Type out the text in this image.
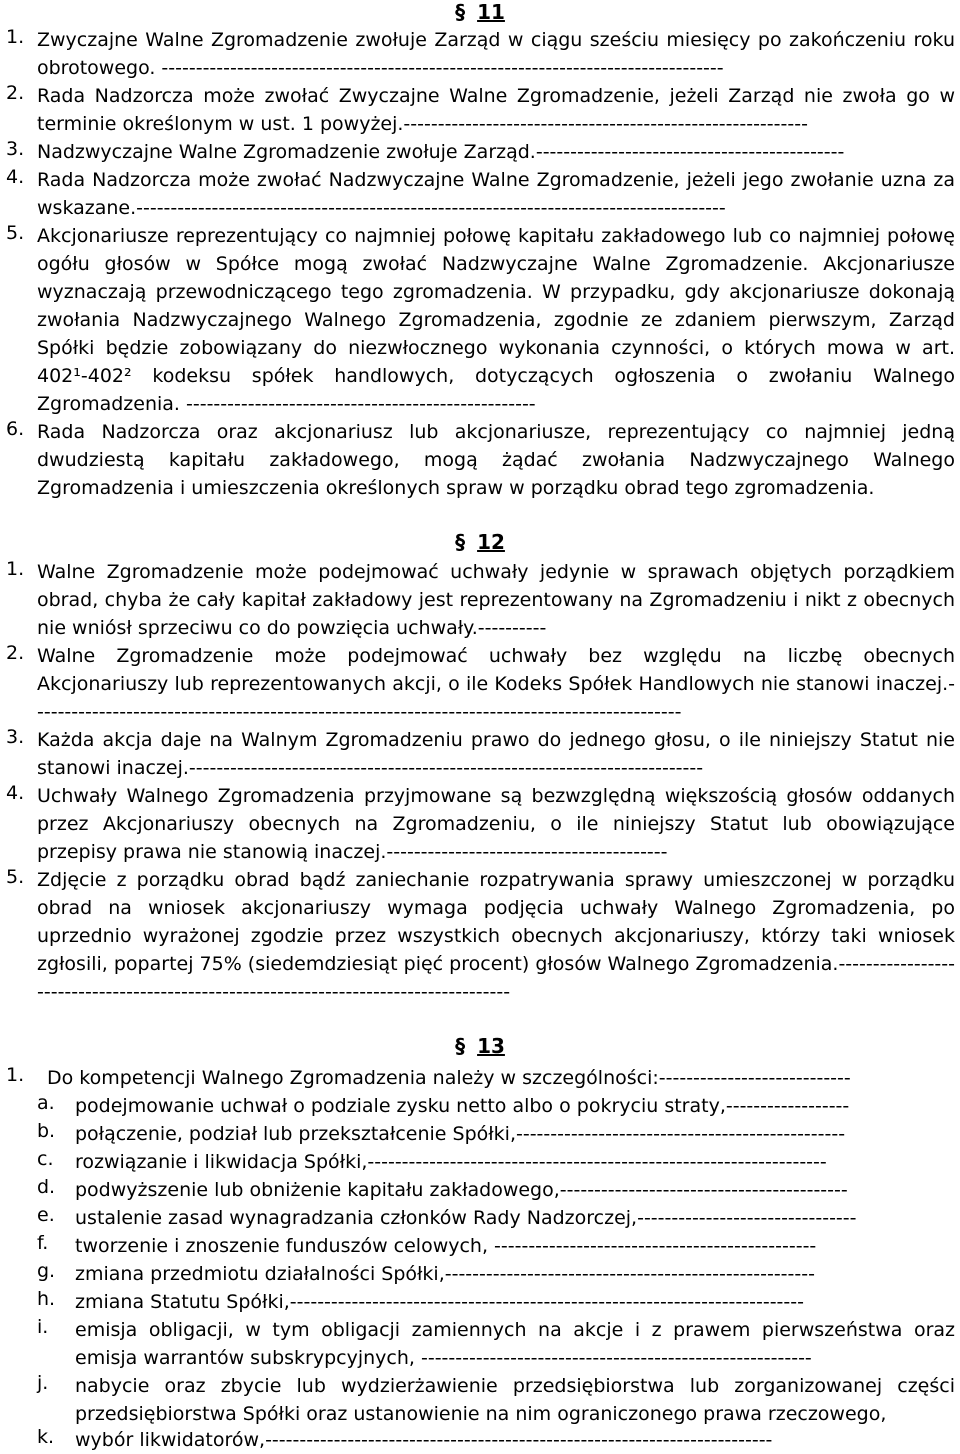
§ 11
1. Zwyczajne Walne Zgromadzenie zwołuje Zarząd w ciągu sześciu miesięcy po zakończeniu roku obrotowego. ----------------------------------------------------------------------------------
2. Rada Nadzorcza może zwołać Zwyczajne Walne Zgromadzenie, jeżeli Zarząd nie zwoła go w terminie określonym w ust. 1 powyżej.-----------------------------------------------------------
3. Nadzwyczajne Walne Zgromadzenie zwołuje Zarząd.---------------------------------------------
4. Rada Nadzorcza może zwołać Nadzwyczajne Walne Zgromadzenie, jeżeli jego zwołanie uzna za wskazane.--------------------------------------------------------------------------------------
5. Akcjonariusze reprezentujący co najmniej połowę kapitału zakładowego lub co najmniej połowę ogółu głosów w Spółce mogą zwołać Nadzwyczajne Walne Zgromadzenie. Akcjonariusze wyznaczają przewodniczącego tego zgromadzenia. W przypadku, gdy akcjonariusze dokonają zwołania Nadzwyczajnego Walnego Zgromadzenia, zgodnie ze zdaniem pierwszym, Zarząd Spółki będzie zobowiązany do niezwłocznego wykonania czynności, o których mowa w art. 402¹-402² kodeksu spółek handlowych, dotyczących ogłoszenia o zwołaniu Walnego Zgromadzenia. ---------------------------------------------------
6. Rada Nadzorcza oraz akcjonariusz lub akcjonariusze, reprezentujący co najmniej jedną dwudziestą kapitału zakładowego, mogą żądać zwołania Nadzwyczajnego Walnego Zgromadzenia i umieszczenia określonych spraw w porządku obrad tego zgromadzenia.
§ 12
1. Walne Zgromadzenie może podejmować uchwały jedynie w sprawach objętych porządkiem obrad, chyba że cały kapitał zakładowy jest reprezentowany na Zgromadzeniu i nikt z obecnych nie wniósł sprzeciwu co do powzięcia uchwały.----------
2. Walne Zgromadzenie może podejmować uchwały bez względu na liczbę obecnych Akcjonariuszy lub reprezentowanych akcji, o ile Kodeks Spółek Handlowych nie stanowi inaczej.-----------------------------------------------------------------------------------------------
3. Każda akcja daje na Walnym Zgromadzeniu prawo do jednego głosu, o ile niniejszy Statut nie stanowi inaczej.---------------------------------------------------------------------------
4. Uchwały Walnego Zgromadzenia przyjmowane są bezwzględną większością głosów oddanych przez Akcjonariuszy obecnych na Zgromadzeniu, o ile niniejszy Statut lub obowiązujące przepisy prawa nie stanowią inaczej.-----------------------------------------
5. Zdjęcie z porządku obrad bądź zaniechanie rozpatrywania sprawy umieszczonej w porządku obrad na wniosek akcjonariuszy wymaga podjęcia uchwały Walnego Zgromadzenia, po uprzednio wyrażonej zgodzie przez wszystkich obecnych akcjonariuszy, którzy taki wniosek zgłosili, popartej 75% (siedemdziesiąt pięć procent) głosów Walnego Zgromadzenia.--------------------------------------------------------------------------------------
§ 13
1. Do kompetencji Walnego Zgromadzenia należy w szczególności:----------------------------
a. podejmowanie uchwał o podziale zysku netto albo o pokryciu straty,------------------
b. połączenie, podział lub przekształcenie Spółki,------------------------------------------------
c. rozwiązanie i likwidacja Spółki,-------------------------------------------------------------------
d. podwyższenie lub obniżenie kapitału zakładowego,------------------------------------------
e. ustalenie zasad wynagradzania członków Rady Nadzorczej,--------------------------------
f. tworzenie i znoszenie funduszów celowych, -----------------------------------------------
g. zmiana przedmiotu działalności Spółki,------------------------------------------------------
h. zmiana Statutu Spółki,---------------------------------------------------------------------------
i. emisja obligacji, w tym obligacji zamiennych na akcje i z prawem pierwszeństwa oraz emisja warrantów subskrypcyjnych, ---------------------------------------------------------
j. nabycie oraz zbycie lub wydzierżawienie przedsiębiorstwa lub zorganizowanej części przedsiębiorstwa Spółki oraz ustanowienie na nim ograniczonego prawa rzeczowego,
k. wybór likwidatorów,--------------------------------------------------------------------------
